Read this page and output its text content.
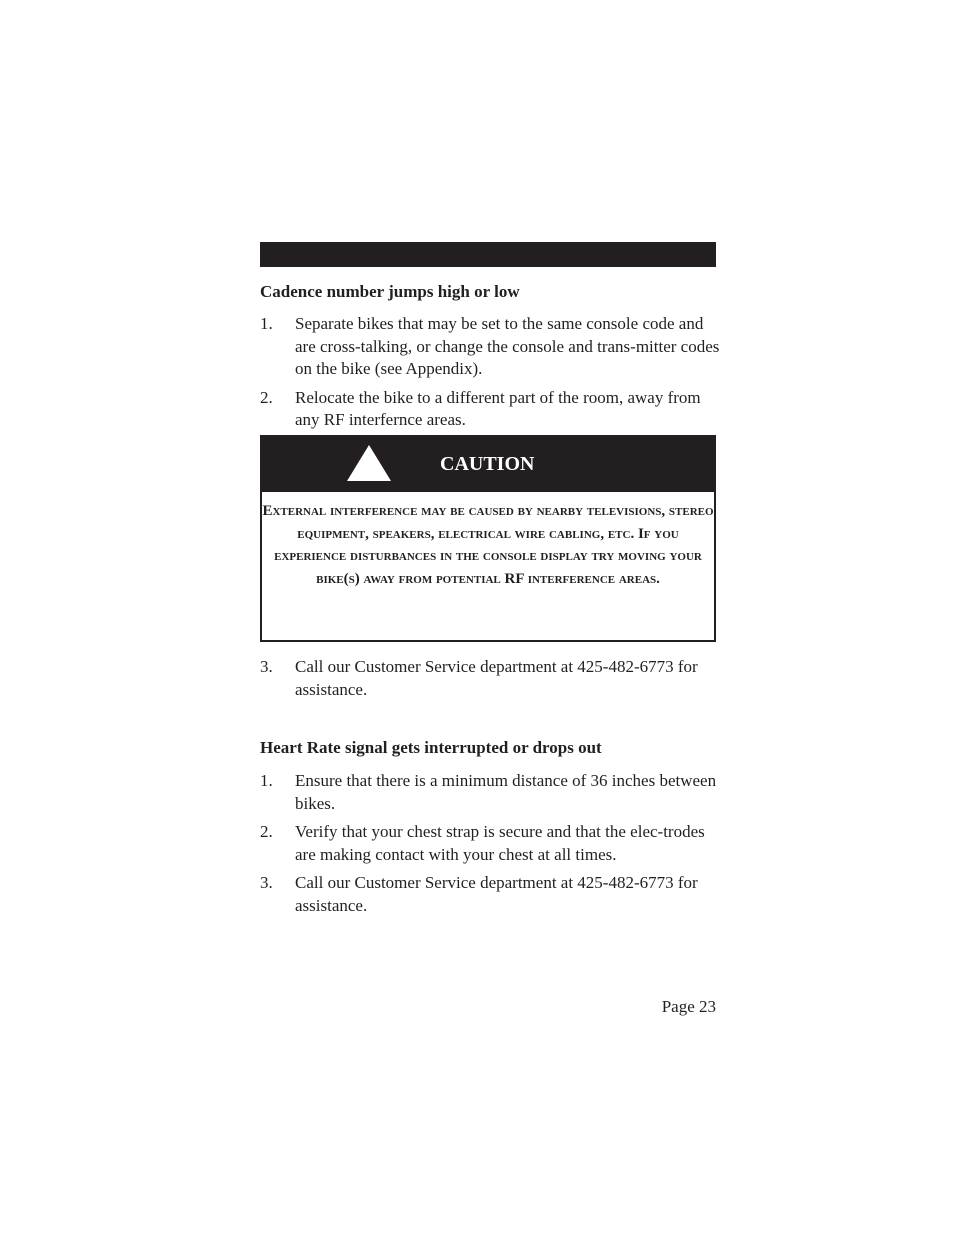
Cadence number jumps high or low
1. Separate bikes that may be set to the same console code and are cross-talking, or change the console and trans-mitter codes on the bike (see Appendix).
2. Relocate the bike to a different part of the room, away from any RF interfernce areas.
CAUTION
External interference may be caused by nearby televisions, stereo equipment, speakers, electrical wire cabling, etc. If you experience disturbances in the console display try moving your bike(s) away from potential RF interference areas.
3. Call our Customer Service department at 425-482-6773 for assistance.
Heart Rate signal gets interrupted or drops out
1. Ensure that there is a minimum distance of 36 inches between bikes.
2. Verify that your chest strap is secure and that the elec-trodes are making contact with your chest at all times.
3. Call our Customer Service department at 425-482-6773 for assistance.
Page 23
